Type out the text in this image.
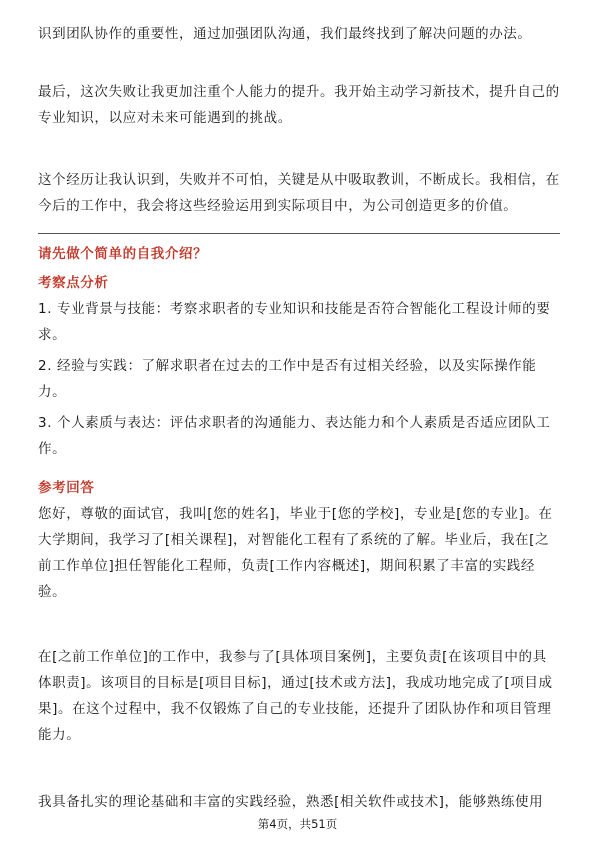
识到团队协作的重要性，通过加强团队沟通，我们最终找到了解决问题的办法。

最后，这次失败让我更加注重个人能力的提升。我开始主动学习新技术，提升自己的专业知识，以应对未来可能遇到的挑战。

这个经历让我认识到，失败并不可怕，关键是从中吸取教训，不断成长。我相信，在今后的工作中，我会将这些经验运用到实际项目中，为公司创造更多的价值。

请先做个简单的自我介绍？
考察点分析

1. 专业背景与技能：考察求职者的专业知识和技能是否符合智能化工程设计师的要求。

2. 经验与实践：了解求职者在过去的工作中是否有过相关经验，以及实际操作能力。

3. 个人素质与表达：评估求职者的沟通能力、表达能力和个人素质是否适应团队工作。

参考回答

您好，尊敬的面试官，我叫[您的姓名]，毕业于[您的学校]，专业是[您的专业]。在大学期间，我学习了[相关课程]，对智能化工程有了系统的了解。毕业后，我在[之前工作单位]担任智能化工程师，负责[工作内容概述]，期间积累了丰富的实践经验。

在[之前工作单位]的工作中，我参与了[具体项目案例]，主要负责[在该项目中的具体职责]。该项目的目标是[项目目标]，通过[技术或方法]，我成功地完成了[项目成果]。在这个过程中，我不仅锻炼了自己的专业技能，还提升了团队协作和项目管理能力。

我具备扎实的理论基础和丰富的实践经验，熟悉[相关软件或技术]，能够熟练使用

第4页，共51页
